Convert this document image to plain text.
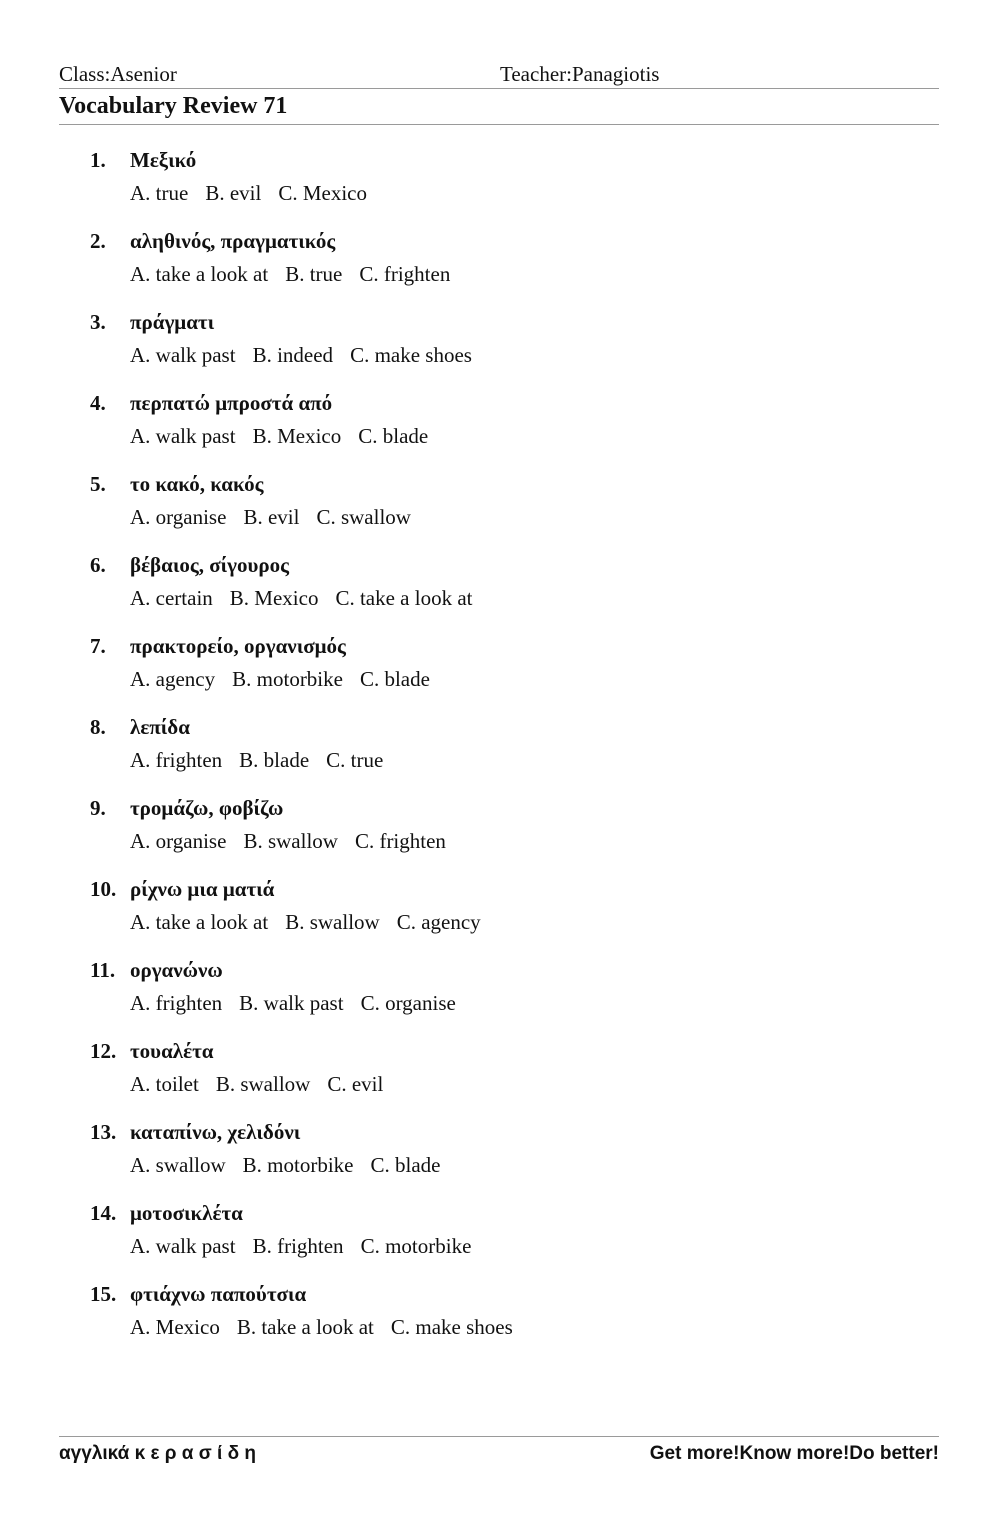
Class:Asenior	Teacher:Panagiotis
Vocabulary Review 71
1. Μεξικό
A. true B. evil C. Mexico
2. αληθινός, πραγματικός
A. take a look at B. true C. frighten
3. πράγματι
A. walk past B. indeed C. make shoes
4. περπατώ μπροστά από
A. walk past B. Mexico C. blade
5. το κακό, κακός
A. organise B. evil C. swallow
6. βέβαιος, σίγουρος
A. certain B. Mexico C. take a look at
7. πρακτορείο, οργανισμός
A. agency B. motorbike C. blade
8. λεπίδα
A. frighten B. blade C. true
9. τρομάζω, φοβίζω
A. organise B. swallow C. frighten
10. ρίχνω μια ματιά
A. take a look at B. swallow C. agency
11. οργανώνω
A. frighten B. walk past C. organise
12. τουαλέτα
A. toilet B. swallow C. evil
13. καταπίνω, χελιδόνι
A. swallow B. motorbike C. blade
14. μοτοσικλέτα
A. walk past B. frighten C. motorbike
15. φτιάχνω παπούτσια
A. Mexico B. take a look at C. make shoes
αγγλικά κ ε ρ α σ ί δ η	Get more!Know more!Do better!
